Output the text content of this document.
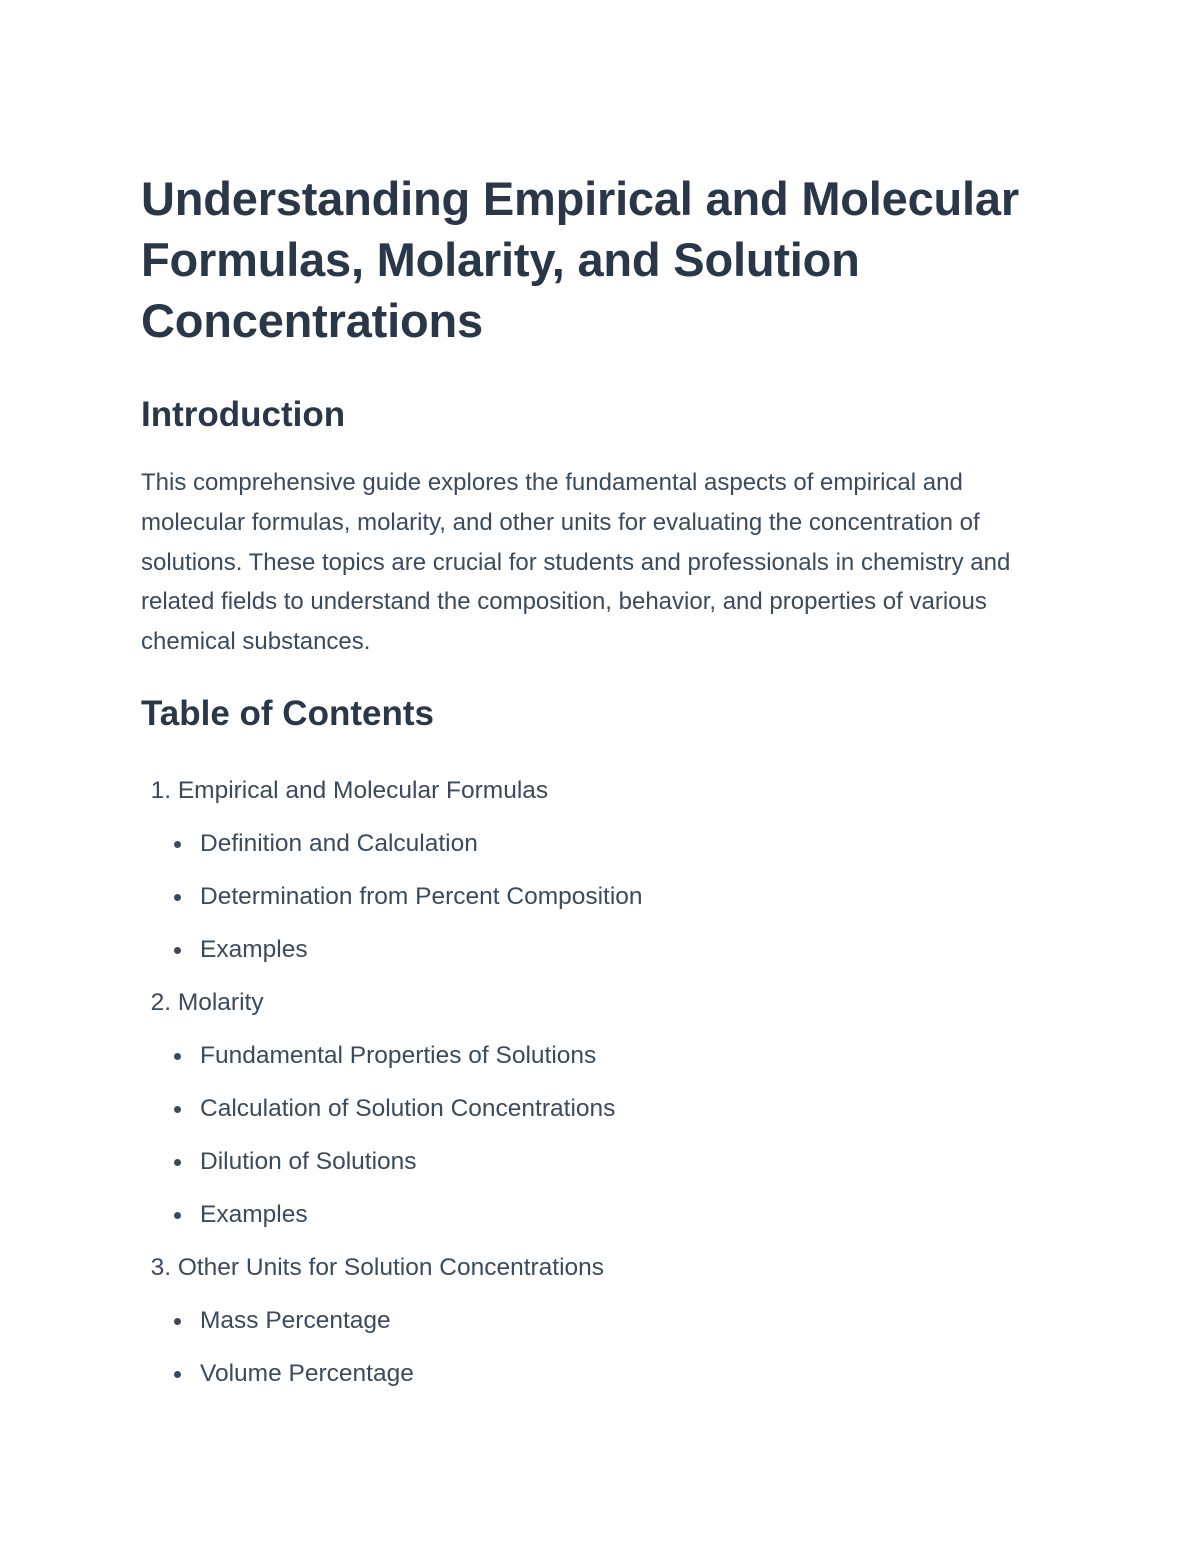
Understanding Empirical and Molecular Formulas, Molarity, and Solution Concentrations
Introduction

This comprehensive guide explores the fundamental aspects of empirical and molecular formulas, molarity, and other units for evaluating the concentration of solutions. These topics are crucial for students and professionals in chemistry and related fields to understand the composition, behavior, and properties of various chemical substances.

Table of Contents
1. Empirical and Molecular Formulas
Definition and Calculation
Determination from Percent Composition
Examples
2. Molarity
Fundamental Properties of Solutions
Calculation of Solution Concentrations
Dilution of Solutions
Examples
3. Other Units for Solution Concentrations
Mass Percentage
Volume Percentage
